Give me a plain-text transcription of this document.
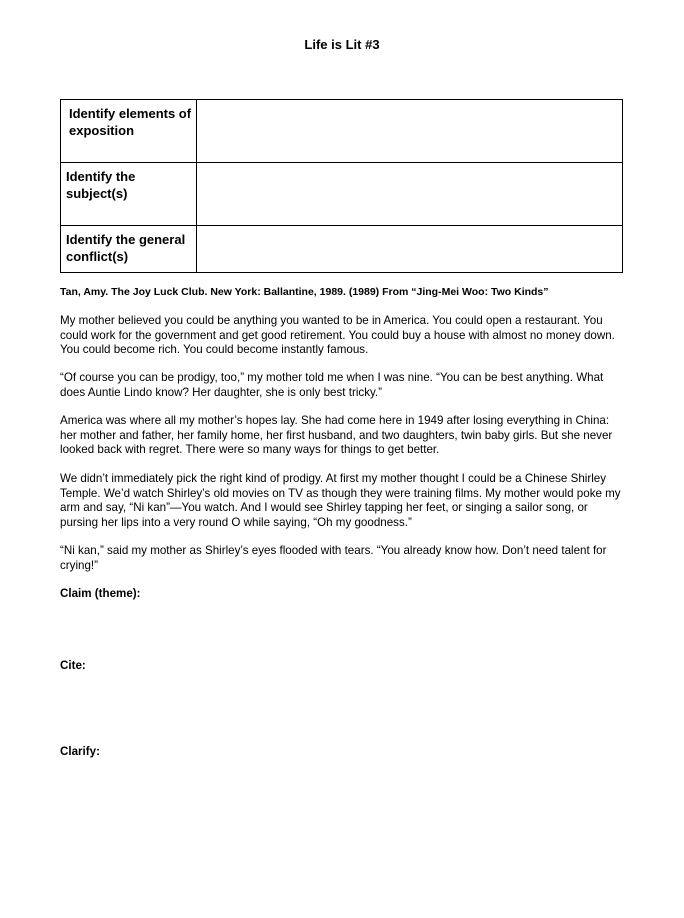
Life is Lit #3
Identify elements of exposition	
Identify the subject(s)	
Identify the general conflict(s)	
Tan, Amy. The Joy Luck Club. New York: Ballantine, 1989. (1989) From “Jing-Mei Woo: Two Kinds”

My mother believed you could be anything you wanted to be in America. You could open a restaurant. You could work for the government and get good retirement. You could buy a house with almost no money down. You could become rich. You could become instantly famous.

“Of course you can be prodigy, too,” my mother told me when I was nine. “You can be best anything. What does Auntie Lindo know? Her daughter, she is only best tricky.”

America was where all my mother’s hopes lay. She had come here in 1949 after losing everything in China: her mother and father, her family home, her first husband, and two daughters, twin baby girls. But she never looked back with regret. There were so many ways for things to get better.

We didn’t immediately pick the right kind of prodigy. At first my mother thought I could be a Chinese Shirley Temple. We’d watch Shirley’s old movies on TV as though they were training films. My mother would poke my arm and say, “Ni kan”—You watch. And I would see Shirley tapping her feet, or singing a sailor song, or pursing her lips into a very round O while saying, “Oh my goodness.”

“Ni kan,” said my mother as Shirley’s eyes flooded with tears. “You already know how. Don’t need talent for crying!”

Claim (theme):
Cite:
Clarify:
